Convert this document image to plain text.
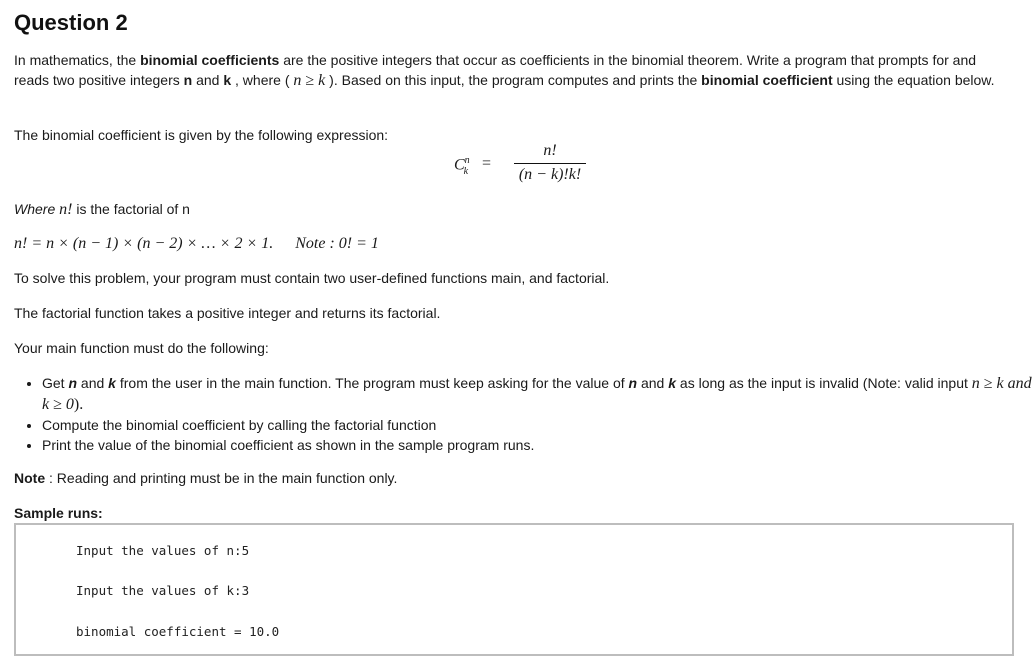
Question 2

In mathematics, the binomial coefficients are the positive integers that occur as coefficients in the binomial theorem. Write a program that prompts for and reads two positive integers n and k , where ( n ≥ k ). Based on this input, the program computes and prints the binomial coefficient using the equation below.

The binomial coefficient is given by the following expression:

$C^n_k$ =
n!
(n − k)!k!

Where n! is the factorial of n

n! = n × (n − 1) × (n − 2) × … × 2 × 1. Note : 0! = 1

To solve this problem, your program must contain two user-defined functions main, and factorial.

The factorial function takes a positive integer and returns its factorial.

Your main function must do the following:

• Get n and k from the user in the main function. The program must keep asking for the value of n and k as long as the input is invalid (Note: valid input n ≥ k and k ≥ 0).
• Compute the binomial coefficient by calling the factorial function
• Print the value of the binomial coefficient as shown in the sample program runs.

Note : Reading and printing must be in the main function only.

Sample runs:

Input the values of n:5
Input the values of k:3
binomial coefficient = 10.0
